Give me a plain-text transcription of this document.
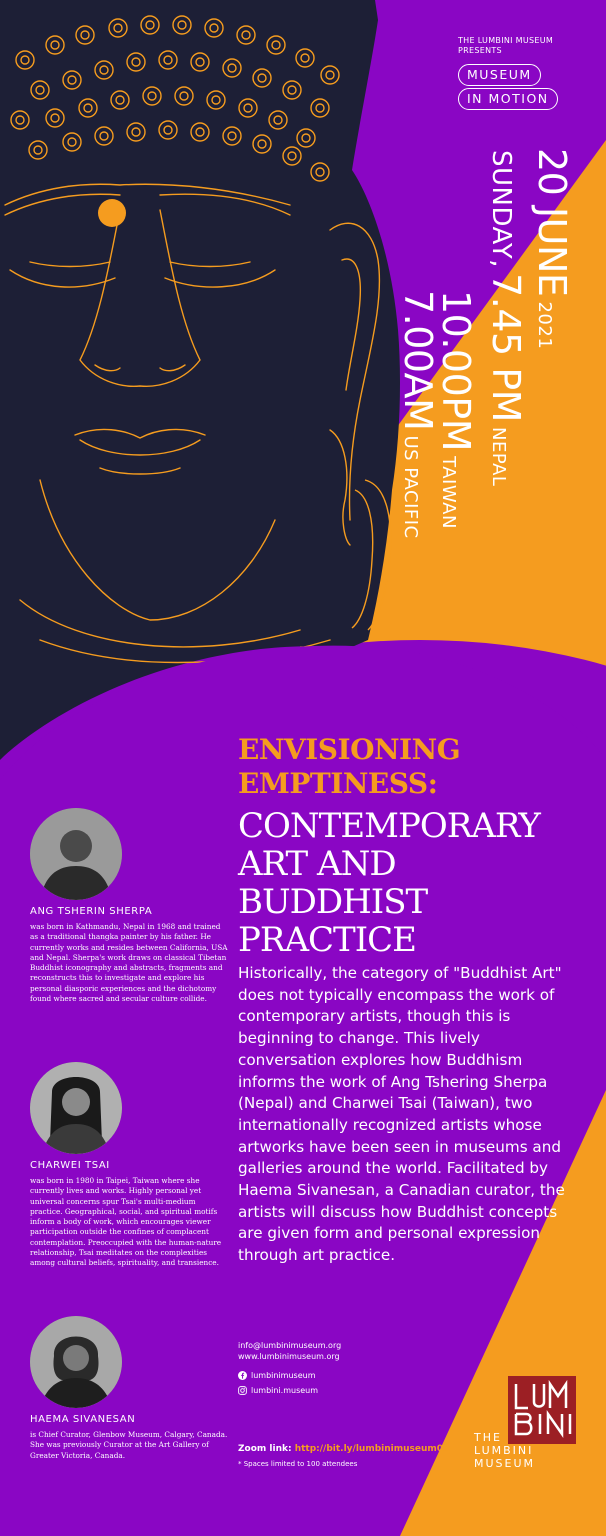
THE LUMBINI MUSEUM
PRESENTS
MUSEUM
IN MOTION
20 JUNE 2021
SUNDAY, 7.45 PM NEPAL
10.00PM TAIWAN
7.00AM US PACIFIC
ENVISIONING
EMPTINESS:
CONTEMPORARY
ART AND
BUDDHIST
PRACTICE

Historically, the category of "Buddhist Art" does not typically encompass the work of contemporary artists, though this is beginning to change. This lively conversation explores how Buddhism informs the work of Ang Tshering Sherpa (Nepal) and Charwei Tsai (Taiwan), two internationally recognized artists whose artworks have been seen in museums and galleries around the world. Facilitated by Haema Sivanesan, a Canadian curator, the artists will discuss how Buddhist concepts are given form and personal expression through art practice.

ANG TSHERIN SHERPA

was born in Kathmandu, Nepal in 1968 and trained as a traditional thangka painter by his father. He currently works and resides between California, USA and Nepal. Sherpa's work draws on classical Tibetan Buddhist iconography and abstracts, fragments and reconstructs this to investigate and explore his personal diasporic experiences and the dichotomy found where sacred and secular culture collide.

CHARWEI TSAI

was born in 1980 in Taipei, Taiwan where she currently lives and works. Highly personal yet universal concerns spur Tsai's multi-medium practice. Geographical, social, and spiritual motifs inform a body of work, which encourages viewer participation outside the confines of complacent contemplation. Preoccupied with the human-nature relationship, Tsai meditates on the complexities among cultural beliefs, spirituality, and transience.

HAEMA SIVANESAN

is Chief Curator, Glenbow Museum, Calgary, Canada. She was previously Curator at the Art Gallery of Greater Victoria, Canada.

info@lumbinimuseum.org
www.lumbinimuseum.org
lumbinimuseum
lumbini.museum
Zoom link: http://bit.ly/lumbinimuseum03
* Spaces limited to 100 attendees
THE
LUMBINI
MUSEUM
